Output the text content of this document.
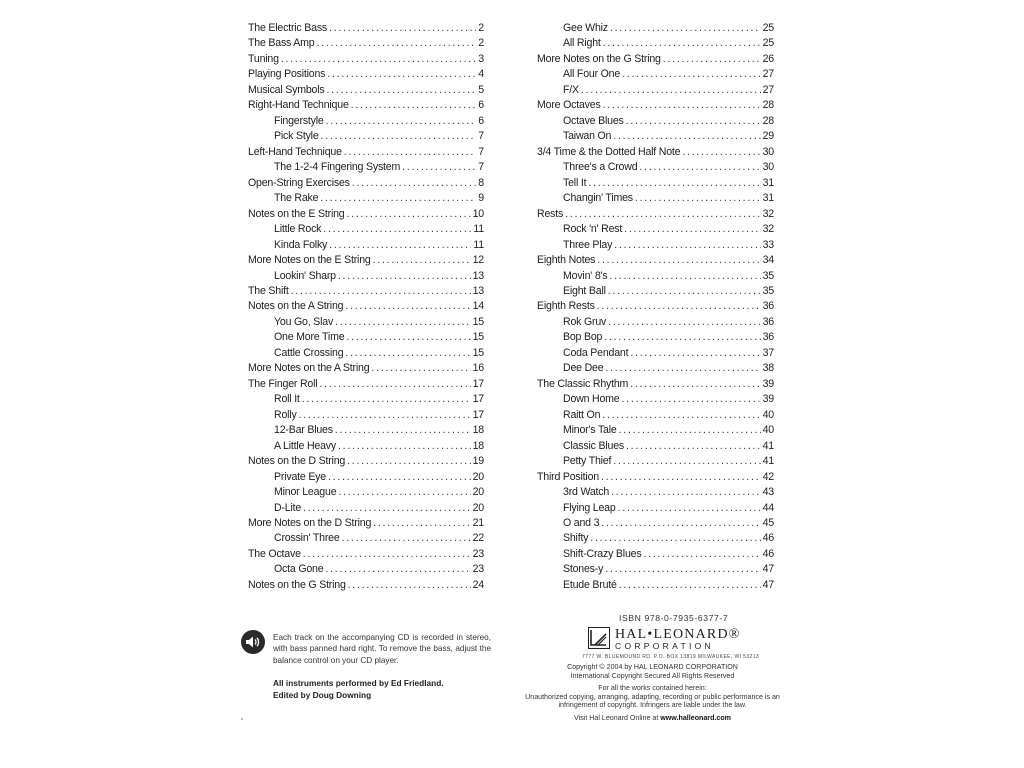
The Electric Bass . . .	2
The Bass Amp . . .	2
Tuning . . .	3
Playing Positions . . .	4
Musical Symbols . . .	5
Right-Hand Technique . . .	6
Fingerstyle . . .	6
Pick Style . . .	7
Left-Hand Technique . . .	7
The 1-2-4 Fingering System . . .	7
Open-String Exercises . . .	8
The Rake . . .	9
Notes on the E String . . .	10
Little Rock . . .	11
Kinda Folky . . .	11
More Notes on the E String . . .	12
Lookin' Sharp . . .	13
The Shift . . .	13
Notes on the A String . . .	14
You Go, Slav . . .	15
One More Time . . .	15
Cattle Crossing . . .	15
More Notes on the A String . . .	16
The Finger Roll . . .	17
Roll It . . .	17
Rolly . . .	17
12-Bar Blues . . .	18
A Little Heavy . . .	18
Notes on the D String . . .	19
Private Eye . . .	20
Minor League . . .	20
D-Lite . . .	20
More Notes on the D String . . .	21
Crossin' Three . . .	22
The Octave . . .	23
Octa Gone . . .	23
Notes on the G String . . .	24
Gee Whiz . . .	25
All Right . . .	25
More Notes on the G String . . .	26
All Four One . . .	27
F/X . . .	27
More Octaves . . .	28
Octave Blues . . .	28
Taiwan On . . .	29
3/4 Time & the Dotted Half Note . . .	30
Three's a Crowd . . .	30
Tell It . . .	31
Changin' Times . . .	31
Rests . . .	32
Rock 'n' Rest . . .	32
Three Play . . .	33
Eighth Notes . . .	34
Movin' 8's . . .	35
Eight Ball . . .	35
Eighth Rests . . .	36
Rok Gruv . . .	36
Bop Bop . . .	36
Coda Pendant . . .	37
Dee Dee . . .	38
The Classic Rhythm . . .	39
Down Home . . .	39
Raitt On . . .	40
Minor's Tale . . .	40
Classic Blues . . .	41
Petty Thief . . .	41
Third Position . . .	42
3rd Watch . . .	43
Flying Leap . . .	44
O and 3 . . .	45
Shifty . . .	46
Shift-Crazy Blues . . .	46
Stones-y . . .	47
Etude Bruté . . .	47
Each track on the accompanying CD is recorded in stereo, with bass panned hard right. To remove the bass, adjust the balance control on your CD player.
All instruments performed by Ed Friedland.
Edited by Doug Downing
ISBN 978-0-7935-6377-7
HAL•LEONARD®
CORPORATION
7777 W. BLUEMOUND RD. P.O. BOX 13819 MILWAUKEE, WI 53213
Copyright © 2004 by HAL LEONARD CORPORATION
International Copyright Secured All Rights Reserved
For all the works contained herein:
Unauthorized copying, arranging, adapting, recording or public performance is an
infringement of copyright. Infringers are liable under the law.
Visit Hal Leonard Online at www.halleonard.com
